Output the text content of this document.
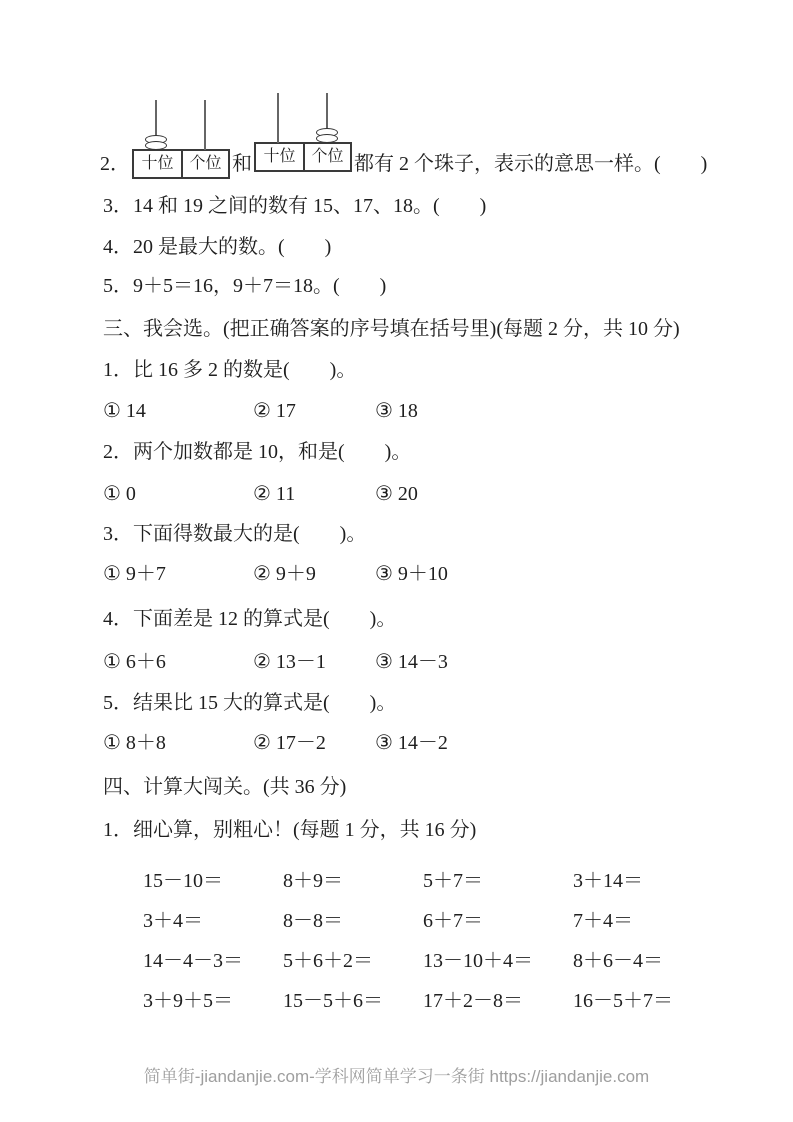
2． 十位 个位 和 十位 个位 都有 2 个珠子，表示的意思一样。(　　)
3．14 和 19 之间的数有 15、17、18。(　　)
4．20 是最大的数。(　　)
5．9＋5＝16，9＋7＝18。(　　)
三、我会选。(把正确答案的序号填在括号里)(每题 2 分，共 10 分)
1．比 16 多 2 的数是(　　)。
① 14	② 17	③ 18
2．两个加数都是 10，和是(　　)。
① 0	② 11	③ 20
3．下面得数最大的是(　　)。
① 9＋7	② 9＋9	③ 9＋10
4．下面差是 12 的算式是(　　)。
① 6＋6	② 13－1 ③ 14－3
5．结果比 15 大的算式是(　　)。
① 8＋8	② 17－2 ③ 14－2
四、计算大闯关。(共 36 分)
1．细心算，别粗心！(每题 1 分，共 16 分)
15－10＝	8＋9＝	5＋7＝	3＋14＝
3＋4＝	8－8＝	6＋7＝	7＋4＝
14－4－3＝	5＋6＋2＝	13－10＋4＝	8＋6－4＝
3＋9＋5＝	15－5＋6＝	17＋2－8＝	16－5＋7＝
简单街-jiandanjie.com-学科网简单学习一条街 https://jiandanjie.com
